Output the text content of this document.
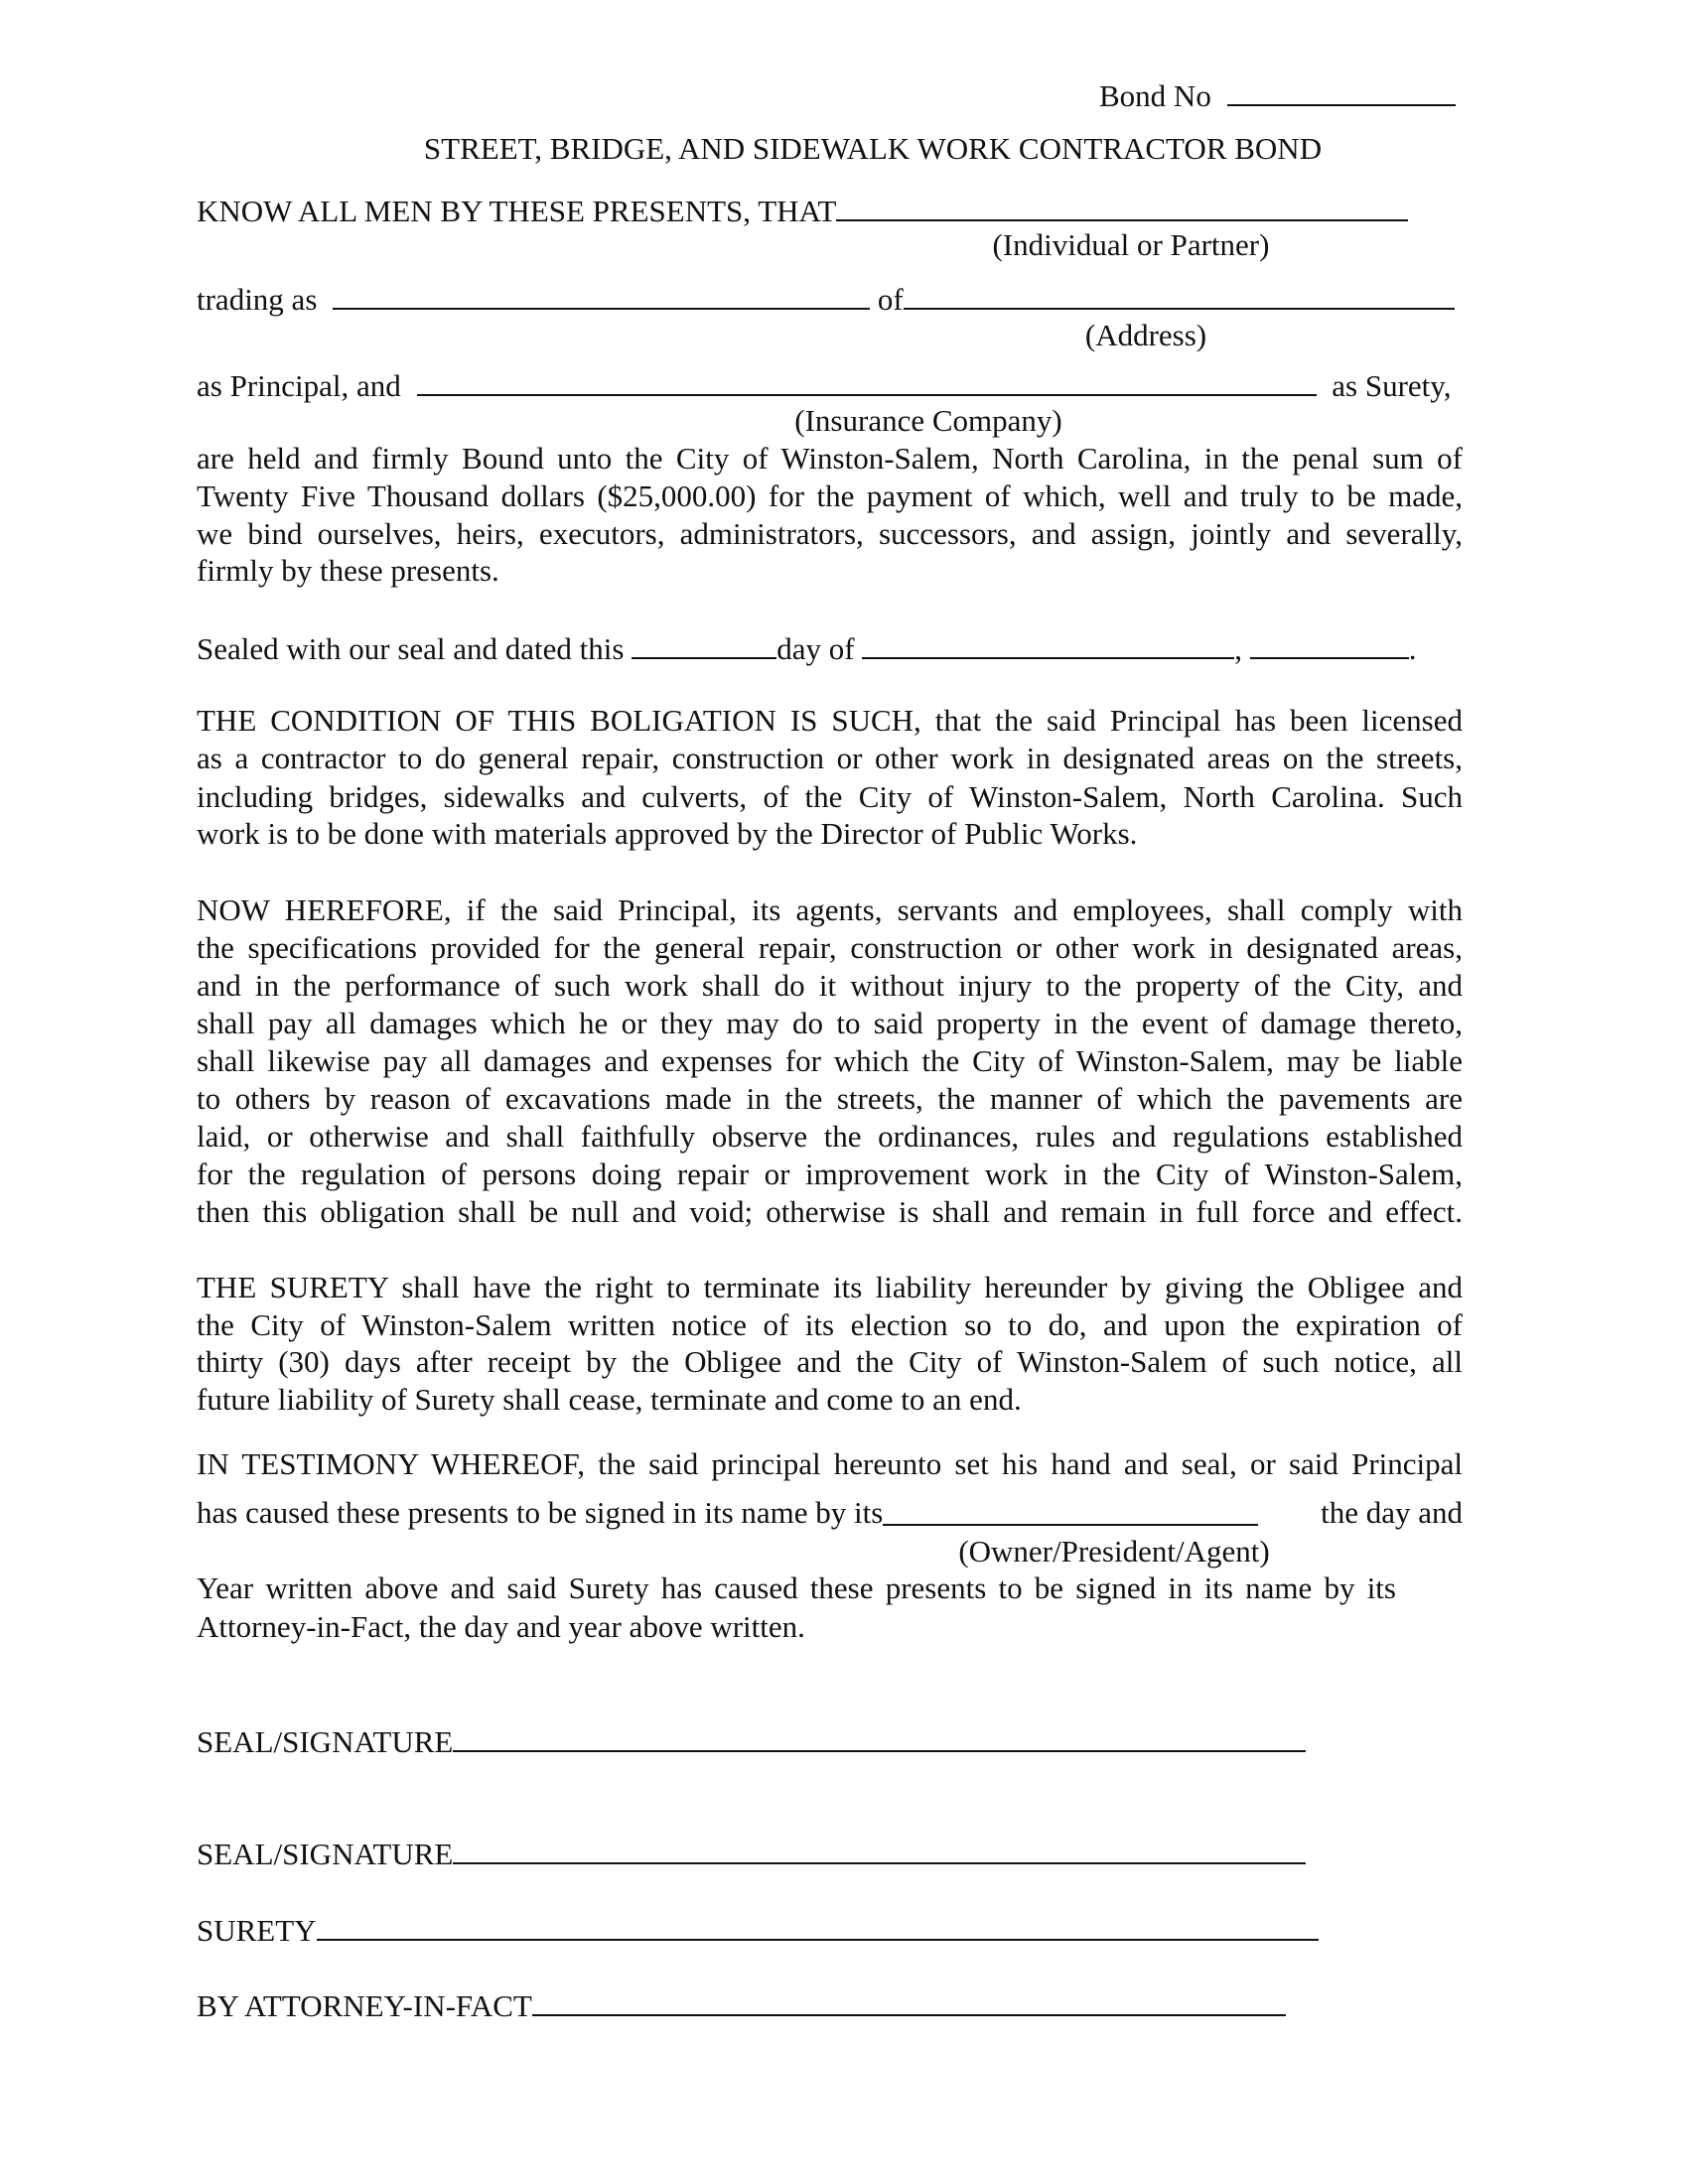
Bond No
STREET, BRIDGE, AND SIDEWALK WORK CONTRACTOR BOND
KNOW ALL MEN BY THESE PRESENTS, THAT
(Individual or Partner)
trading as	of
(Address)
as Principal, and	as Surety,
(Insurance Company)
are held and firmly Bound unto the City of Winston-Salem, North Carolina, in the penal sum of
Twenty Five Thousand dollars ($25,000.00) for the payment of which, well and truly to be made,
we bind ourselves, heirs, executors, administrators, successors, and assign, jointly and severally,
firmly by these presents.
Sealed with our seal and dated this	day of	,	.
THE CONDITION OF THIS BOLIGATION IS SUCH, that the said Principal has been licensed
as a contractor to do general repair, construction or other work in designated areas on the streets,
including bridges, sidewalks and culverts, of the City of Winston-Salem, North Carolina. Such
work is to be done with materials approved by the Director of Public Works.
NOW HEREFORE, if the said Principal, its agents, servants and employees, shall comply with
the specifications provided for the general repair, construction or other work in designated areas,
and in the performance of such work shall do it without injury to the property of the City, and
shall pay all damages which he or they may do to said property in the event of damage thereto,
shall likewise pay all damages and expenses for which the City of Winston-Salem, may be liable
to others by reason of excavations made in the streets, the manner of which the pavements are
laid, or otherwise and shall faithfully observe the ordinances, rules and regulations established
for the regulation of persons doing repair or improvement work in the City of Winston-Salem,
then this obligation shall be null and void; otherwise is shall and remain in full force and effect.
THE SURETY shall have the right to terminate its liability hereunder by giving the Obligee and
the City of Winston-Salem written notice of its election so to do, and upon the expiration of
thirty (30) days after receipt by the Obligee and the City of Winston-Salem of such notice, all
future liability of Surety shall cease, terminate and come to an end.
IN TESTIMONY WHEREOF, the said principal hereunto set his hand and seal, or said Principal
has caused these presents to be signed in its name by its	the day and
(Owner/President/Agent)
Year written above and said Surety has caused these presents to be signed in its name by its
Attorney-in-Fact, the day and year above written.
SEAL/SIGNATURE
SEAL/SIGNATURE
SURETY
BY ATTORNEY-IN-FACT
